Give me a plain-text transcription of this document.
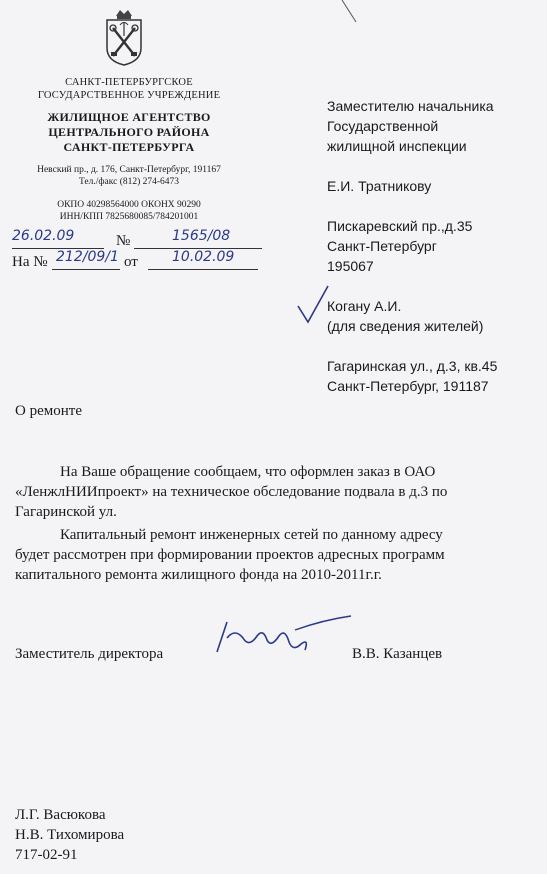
САНКТ-ПЕТЕРБУРГСКОЕ
ГОСУДАРСТВЕННОЕ УЧРЕЖДЕНИЕ
ЖИЛИЩНОЕ АГЕНТСТВО
ЦЕНТРАЛЬНОГО РАЙОНА
САНКТ-ПЕТЕРБУРГА
Невский пр., д. 176, Санкт-Петербург, 191167
Тел./факс (812) 274-6473
ОКПО 40298564000 ОКОНХ 90290
ИНН/КПП 7825680085/784201001
26.02.09	№	1565/08
На № 212/09/1 от 10.02.09
Заместителю начальника
Государственной
жилищной инспекции
Е.И. Тратникову
Пискаревский пр.,д.35
Санкт-Петербург
195067
Когану А.И.
(для сведения жителей)
Гагаринская ул., д.3, кв.45
Санкт-Петербург, 191187
О ремонте
На Ваше обращение сообщаем, что оформлен заказ в ОАО
«ЛенжлНИИпроект» на техническое обследование подвала в д.3 по
Гагаринской ул.
Капитальный ремонт инженерных сетей по данному адресу
будет рассмотрен при формировании проектов адресных программ
капитального ремонта жилищного фонда на 2010-2011г.г.
Заместитель директора	В.В. Казанцев
Л.Г. Васюкова
Н.В. Тихомирова
717-02-91
